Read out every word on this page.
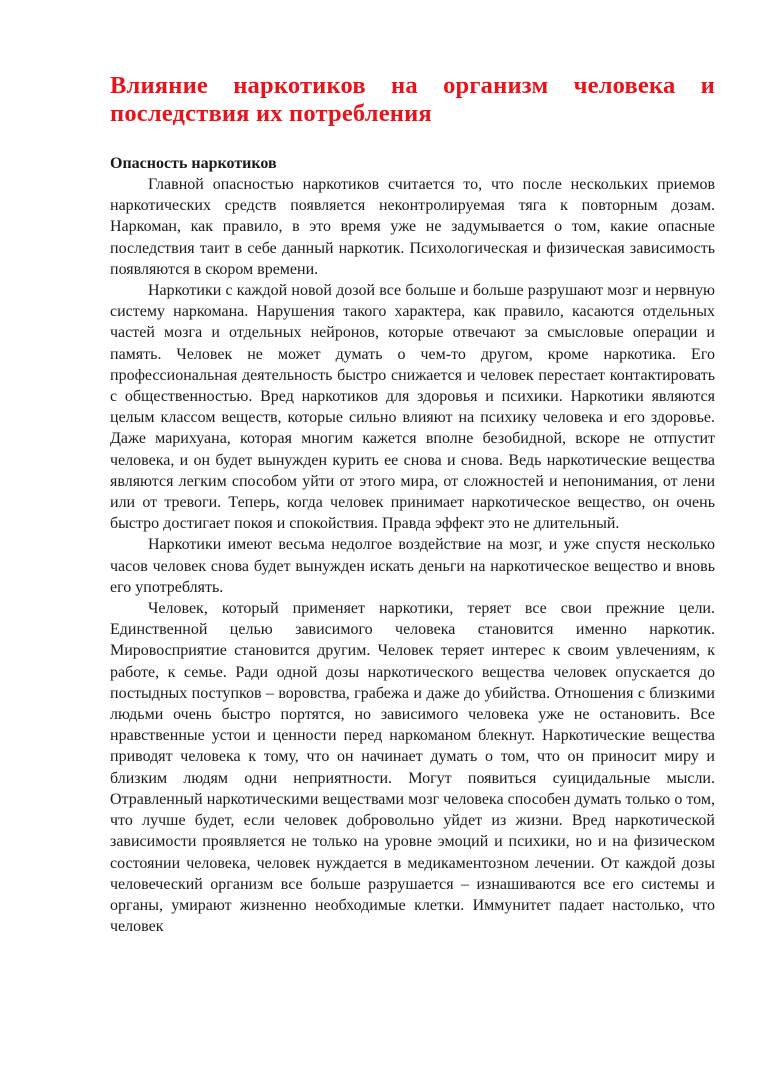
Влияние наркотиков на организм человека и последствия их потребления
Опасность наркотиков

Главной опасностью наркотиков считается то, что после нескольких приемов наркотических средств появляется неконтролируемая тяга к повторным дозам. Наркоман, как правило, в это время уже не задумывается о том, какие опасные последствия таит в себе данный наркотик. Психологическая и физическая зависимость появляются в скором времени.

Наркотики с каждой новой дозой все больше и больше разрушают мозг и нервную систему наркомана. Нарушения такого характера, как правило, касаются отдельных частей мозга и отдельных нейронов, которые отвечают за смысловые операции и память. Человек не может думать о чем-то другом, кроме наркотика. Его профессиональная деятельность быстро снижается и человек перестает контактировать с общественностью. Вред наркотиков для здоровья и психики. Наркотики являются целым классом веществ, которые сильно влияют на психику человека и его здоровье. Даже марихуана, которая многим кажется вполне безобидной, вскоре не отпустит человека, и он будет вынужден курить ее снова и снова. Ведь наркотические вещества являются легким способом уйти от этого мира, от сложностей и непонимания, от лени или от тревоги. Теперь, когда человек принимает наркотическое вещество, он очень быстро достигает покоя и спокойствия. Правда эффект это не длительный.

Наркотики имеют весьма недолгое воздействие на мозг, и уже спустя несколько часов человек снова будет вынужден искать деньги на наркотическое вещество и вновь его употреблять.

Человек, который применяет наркотики, теряет все свои прежние цели. Единственной целью зависимого человека становится именно наркотик. Мировосприятие становится другим. Человек теряет интерес к своим увлечениям, к работе, к семье. Ради одной дозы наркотического вещества человек опускается до постыдных поступков – воровства, грабежа и даже до убийства. Отношения с близкими людьми очень быстро портятся, но зависимого человека уже не остановить. Все нравственные устои и ценности перед наркоманом блекнут. Наркотические вещества приводят человека к тому, что он начинает думать о том, что он приносит миру и близким людям одни неприятности. Могут появиться суицидальные мысли. Отравленный наркотическими веществами мозг человека способен думать только о том, что лучше будет, если человек добровольно уйдет из жизни. Вред наркотической зависимости проявляется не только на уровне эмоций и психики, но и на физическом состоянии человека, человек нуждается в медикаментозном лечении. От каждой дозы человеческий организм все больше разрушается – изнашиваются все его системы и органы, умирают жизненно необходимые клетки. Иммунитет падает настолько, что человек
